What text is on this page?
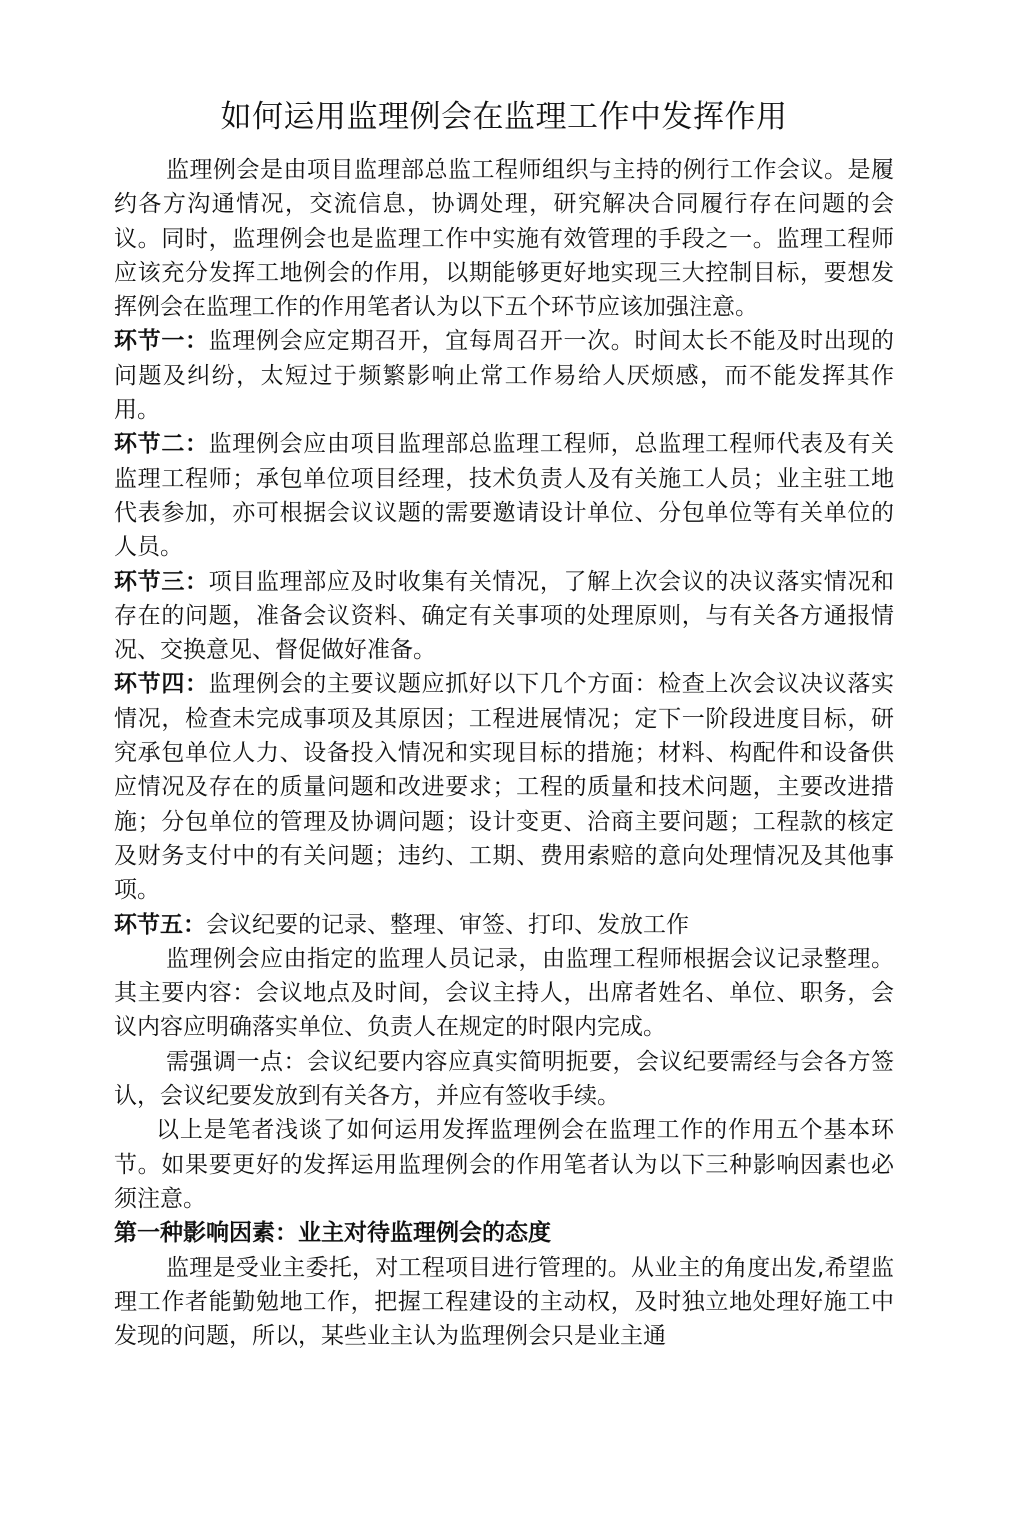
如何运用监理例会在监理工作中发挥作用

监理例会是由项目监理部总监工程师组织与主持的例行工作会议。是履约各方沟通情况，交流信息，协调处理，研究解决合同履行存在问题的会议。同时，监理例会也是监理工作中实施有效管理的手段之一。监理工程师应该充分发挥工地例会的作用，以期能够更好地实现三大控制目标，要想发挥例会在监理工作的作用笔者认为以下五个环节应该加强注意。

环节一：监理例会应定期召开，宜每周召开一次。时间太长不能及时出现的问题及纠纷，太短过于频繁影响止常工作易给人厌烦感，而不能发挥其作用。

环节二：监理例会应由项目监理部总监理工程师，总监理工程师代表及有关监理工程师；承包单位项目经理，技术负责人及有关施工人员；业主驻工地代表参加，亦可根据会议议题的需要邀请设计单位、分包单位等有关单位的人员。

环节三：项目监理部应及时收集有关情况，了解上次会议的决议落实情况和存在的问题，准备会议资料、确定有关事项的处理原则，与有关各方通报情况、交换意见、督促做好准备。

环节四：监理例会的主要议题应抓好以下几个方面：检查上次会议决议落实情况，检查未完成事项及其原因；工程进展情况；定下一阶段进度目标，研究承包单位人力、设备投入情况和实现目标的措施；材料、构配件和设备供应情况及存在的质量问题和改进要求；工程的质量和技术问题，主要改进措施；分包单位的管理及协调问题；设计变更、洽商主要问题；工程款的核定及财务支付中的有关问题；违约、工期、费用索赔的意向处理情况及其他事项。

环节五：会议纪要的记录、整理、审签、打印、发放工作

监理例会应由指定的监理人员记录，由监理工程师根据会议记录整理。其主要内容：会议地点及时间，会议主持人，出席者姓名、单位、职务，会议内容应明确落实单位、负责人在规定的时限内完成。

需强调一点：会议纪要内容应真实简明扼要，会议纪要需经与会各方签认，会议纪要发放到有关各方，并应有签收手续。

以上是笔者浅谈了如何运用发挥监理例会在监理工作的作用五个基本环节。如果要更好的发挥运用监理例会的作用笔者认为以下三种影响因素也必须注意。

第一种影响因素：业主对待监理例会的态度

监理是受业主委托，对工程项目进行管理的。从业主的角度出发,希望监理工作者能勤勉地工作，把握工程建设的主动权，及时独立地处理好施工中发现的问题，所以，某些业主认为监理例会只是业主通
